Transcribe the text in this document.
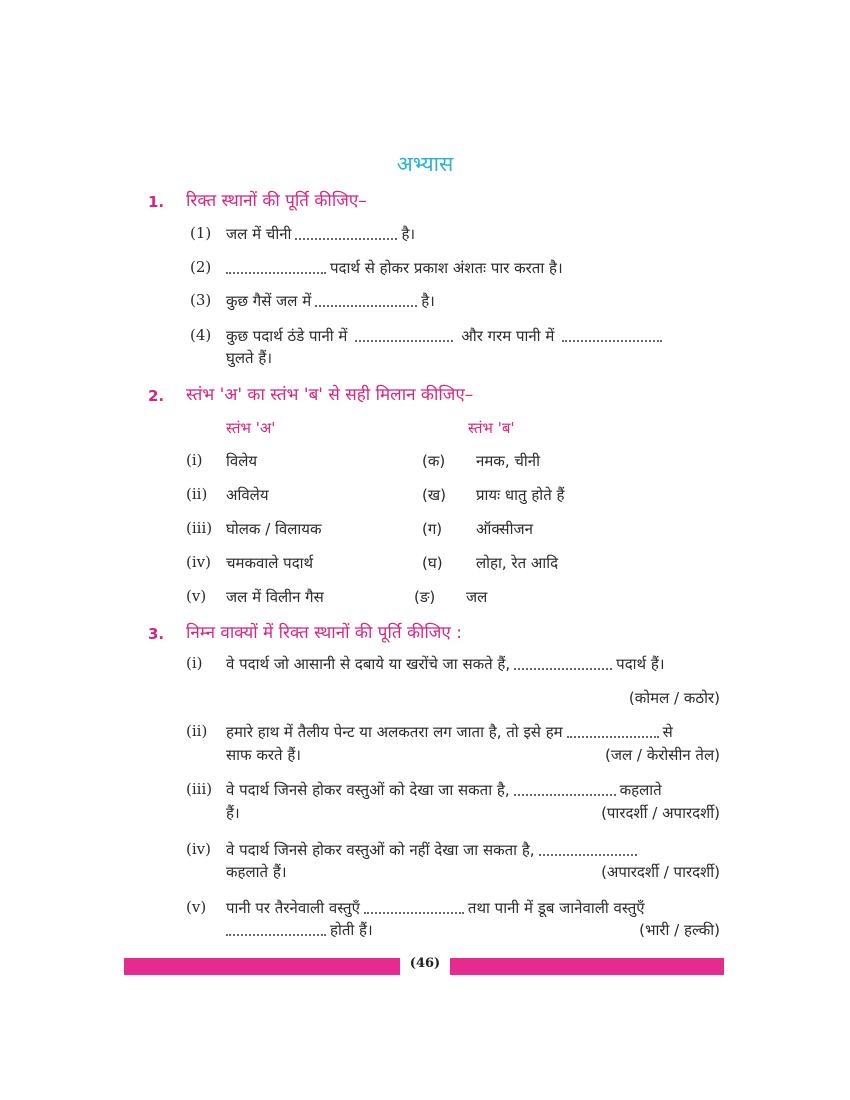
अभ्यास
1. रिक्त स्थानों की पूर्ति कीजिए–
(1) जल में चीनी	है।
(2)	पदार्थ से होकर प्रकाश अंशतः पार करता है।
(3) कुछ गैसें जल में	है।
(4) कुछ पदार्थ ठंडे पानी में	और गरम पानी में
घुलते हैं।
2. स्तंभ 'अ' का स्तंभ 'ब' से सही मिलान कीजिए–
स्तंभ 'अ'	स्तंभ 'ब'
(i) विलेय	(क) नमक, चीनी
(ii) अविलेय	(ख) प्रायः धातु होते हैं
(iii) घोलक / विलायक	(ग) ऑक्सीजन
(iv) चमकवाले पदार्थ	(घ) लोहा, रेत आदि
(v) जल में विलीन गैस	(ङ) जल
3. निम्न वाक्यों में रिक्त स्थानों की पूर्ति कीजिए :
(i) वे पदार्थ जो आसानी से दबाये या खरोंचे जा सकते हैं,	पदार्थ हैं।
(कोमल / कठोर)
(ii) हमारे हाथ में तैलीय पेन्ट या अलकतरा लग जाता है, तो इसे हम	से
साफ करते हैं।	(जल / केरोसीन तेल)
(iii) वे पदार्थ जिनसे होकर वस्तुओं को देखा जा सकता है,	कहलाते
हैं।	(पारदर्शी / अपारदर्शी)
(iv) वे पदार्थ जिनसे होकर वस्तुओं को नहीं देखा जा सकता है,
कहलाते हैं।	(अपारदर्शी / पारदर्शी)
(v) पानी पर तैरनेवाली वस्तुएँ	तथा पानी में डूब जानेवाली वस्तुएँ
होती हैं।	(भारी / हल्की)
(46)
